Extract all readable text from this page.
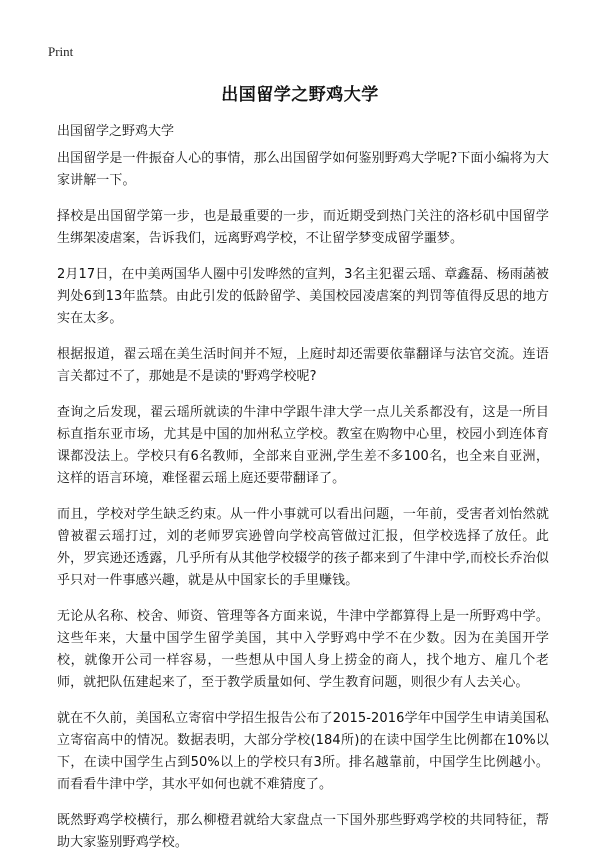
Print
出国留学之野鸡大学

出国留学之野鸡大学

出国留学是一件振奋人心的事情，那么出国留学如何鉴别野鸡大学呢?下面小编将为大家讲解一下。

择校是出国留学第一步，也是最重要的一步，而近期受到热门关注的洛杉矶中国留学生绑架凌虐案，告诉我们，远离野鸡学校，不让留学梦变成留学噩梦。

2月17日，在中美两国华人圈中引发哗然的宣判，3名主犯翟云瑶、章鑫磊、杨雨菡被判处6到13年监禁。由此引发的低龄留学、美国校园凌虐案的判罚等值得反思的地方实在太多。

根据报道，翟云瑶在美生活时间并不短，上庭时却还需要依靠翻译与法官交流。连语言关都过不了，那她是不是读的'野鸡学校呢?

查询之后发现，翟云瑶所就读的牛津中学跟牛津大学一点儿关系都没有，这是一所目标直指东亚市场，尤其是中国的加州私立学校。教室在购物中心里，校园小到连体育课都没法上。学校只有6名教师，全部来自亚洲,学生差不多100名，也全来自亚洲，这样的语言环境，难怪翟云瑶上庭还要带翻译了。

而且，学校对学生缺乏约束。从一件小事就可以看出问题，一年前，受害者刘怡然就曾被翟云瑶打过，刘的老师罗宾逊曾向学校高管做过汇报，但学校选择了放任。此外，罗宾逊还透露，几乎所有从其他学校辍学的孩子都来到了牛津中学,而校长乔治似乎只对一件事感兴趣，就是从中国家长的手里赚钱。

无论从名称、校舍、师资、管理等各方面来说，牛津中学都算得上是一所野鸡中学。这些年来，大量中国学生留学美国，其中入学野鸡中学不在少数。因为在美国开学校，就像开公司一样容易，一些想从中国人身上捞金的商人，找个地方、雇几个老师，就把队伍建起来了，至于教学质量如何、学生教育问题，则很少有人去关心。

就在不久前，美国私立寄宿中学招生报告公布了2015-2016学年中国学生申请美国私立寄宿高中的情况。数据表明，大部分学校(184所)的在读中国学生比例都在10%以下，在读中国学生占到50%以上的学校只有3所。排名越靠前，中国学生比例越小。而看看牛津中学，其水平如何也就不难猜度了。

既然野鸡学校横行，那么柳橙君就给大家盘点一下国外那些野鸡学校的共同特征，帮助大家鉴别野鸡学校。
